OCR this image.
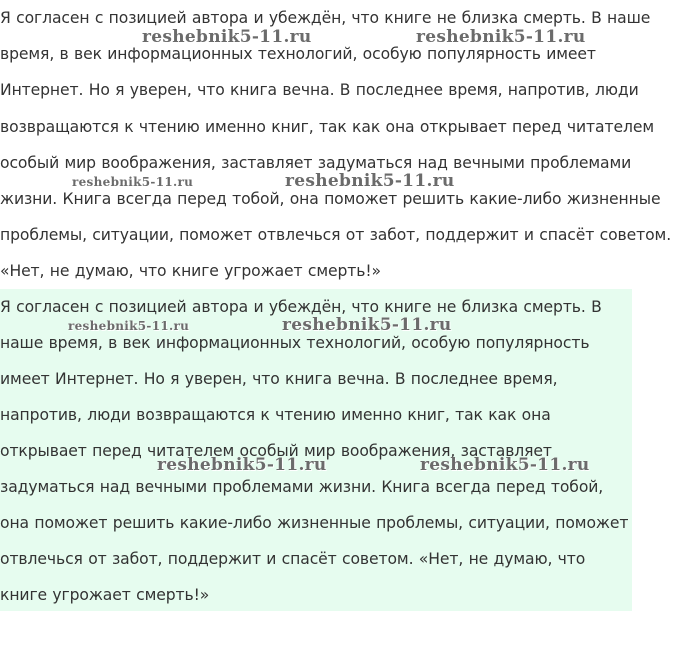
Я согласен с позицией автора и убеждён, что книге не близка смерть. В наше время, в век информационных технологий, особую популярность имеет Интернет. Но я уверен, что книга вечна. В последнее время, напротив, люди возвращаются к чтению именно книг, так как она открывает перед читателем особый мир воображения, заставляет задуматься над вечными проблемами жизни. Книга всегда перед тобой, она поможет решить какие-либо жизненные проблемы, ситуации, поможет отвлечься от забот, поддержит и спасёт советом. «Нет, не думаю, что книге угрожает смерть!»

Я согласен с позицией автора и убеждён, что книге не близка смерть. В наше время, в век информационных технологий, особую популярность имеет Интернет. Но я уверен, что книга вечна. В последнее время, напротив, люди возвращаются к чтению именно книг, так как она открывает перед читателем особый мир воображения, заставляет задуматься над вечными проблемами жизни. Книга всегда перед тобой, она поможет решить какие-либо жизненные проблемы, ситуации, поможет отвлечься от забот, поддержит и спасёт советом. «Нет, не думаю, что книге угрожает смерть!»

reshebnik5-11.ru	reshebnik5-11.ru
reshebnik5-11.ru	reshebnik5-11.ru
reshebnik5-11.ru	reshebnik5-11.ru
reshebnik5-11.ru	reshebnik5-11.ru
